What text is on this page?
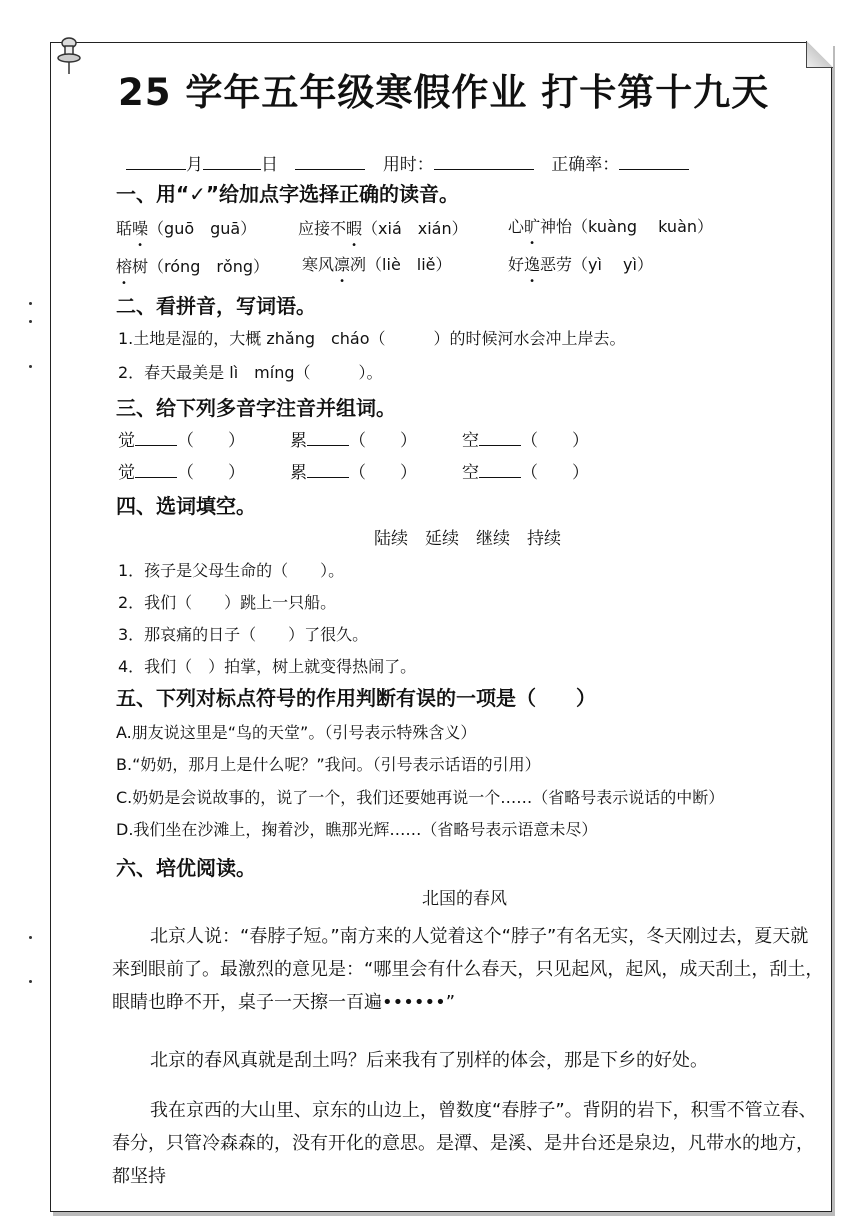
25 学年五年级寒假作业 打卡第十九天
月	日	用时：	正确率：
一、用“✓”给加点字选择正确的读音。
聒噪（guō　guā）	应接不暇（xiá　xián）	心旷神怡（kuàng　 kuàn）
榕树（róng　rǒng） 寒风凛冽（liè　liě）	好逸恶劳（yì　 yì）
二、看拼音，写词语。
1.土地是湿的，大概 zhǎng　cháo（　　　）的时候河水会冲上岸去。
2．春天最美是 lì　míng（　　　）。
三、给下列多音字注音并组词。
觉 （　　）	累 （　　）	空 （　　）
觉 （　　）	累 （　　）	空 （　　）
四、选词填空。
陆续　延续　继续　持续
1．孩子是父母生命的（　　）。
2．我们（　　）跳上一只船。
3．那哀痛的日子（　　）了很久。
4．我们（　）拍掌，树上就变得热闹了。
五、下列对标点符号的作用判断有误的一项是（　　）
A.朋友说这里是“鸟的天堂”。（引号表示特殊含义）
B.“奶奶，那月上是什么呢？”我问。（引号表示话语的引用）
C.奶奶是会说故事的，说了一个，我们还要她再说一个……（省略号表示说话的中断）
D.我们坐在沙滩上，掬着沙，瞧那光辉……（省略号表示语意未尽）
六、培优阅读。
北国的春风
北京人说：“春脖子短。”南方来的人觉着这个“脖子”有名无实，冬天刚过去，夏天就来到眼前了。最激烈的意见是：“哪里会有什么春天，只见起风，起风，成天刮土，刮土，眼睛也睁不开，桌子一天擦一百遍••••••”
北京的春风真就是刮土吗？后来我有了别样的体会，那是下乡的好处。
我在京西的大山里、京东的山边上，曾数度“春脖子”。背阴的岩下，积雪不管立春、春分，只管冷森森的，没有开化的意思。是潭、是溪、是井台还是泉边，凡带水的地方，都坚持
